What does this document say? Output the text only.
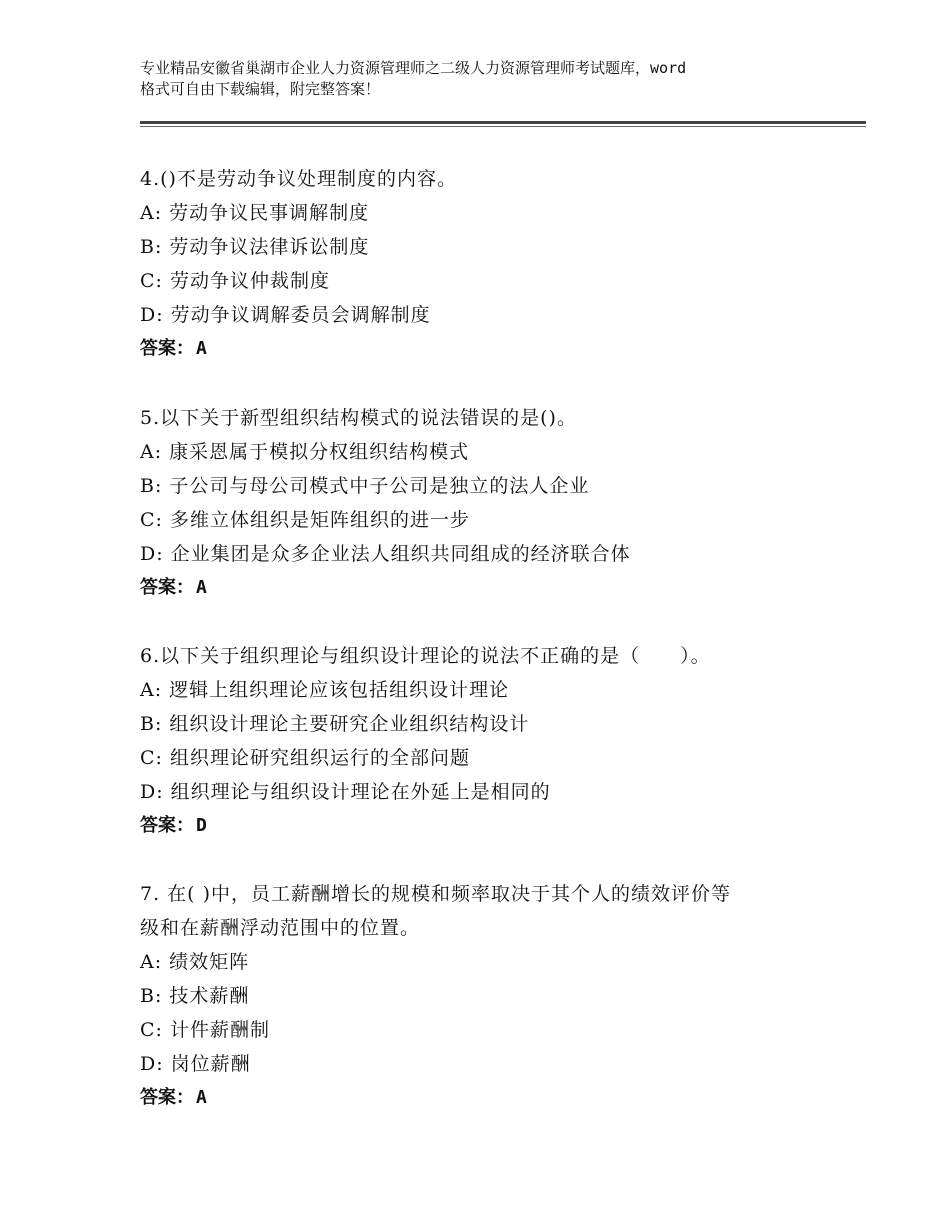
专业精品安徽省巢湖市企业人力资源管理师之二级人力资源管理师考试题库，word
格式可自由下载编辑，附完整答案！
4.()不是劳动争议处理制度的内容。
A: 劳动争议民事调解制度
B: 劳动争议法律诉讼制度
C: 劳动争议仲裁制度
D: 劳动争议调解委员会调解制度
答案： A
5.以下关于新型组织结构模式的说法错误的是()。
A: 康采恩属于模拟分权组织结构模式
B: 子公司与母公司模式中子公司是独立的法人企业
C: 多维立体组织是矩阵组织的进一步
D: 企业集团是众多企业法人组织共同组成的经济联合体
答案： A
6.以下关于组织理论与组织设计理论的说法不正确的是（　　）。
A: 逻辑上组织理论应该包括组织设计理论
B: 组织设计理论主要研究企业组织结构设计
C: 组织理论研究组织运行的全部问题
D: 组织理论与组织设计理论在外延上是相同的
答案： D
7. 在( )中，员工薪酬增长的规模和频率取决于其个人的绩效评价等
级和在薪酬浮动范围中的位置。
A: 绩效矩阵
B: 技术薪酬
C: 计件薪酬制
D: 岗位薪酬
答案： A
